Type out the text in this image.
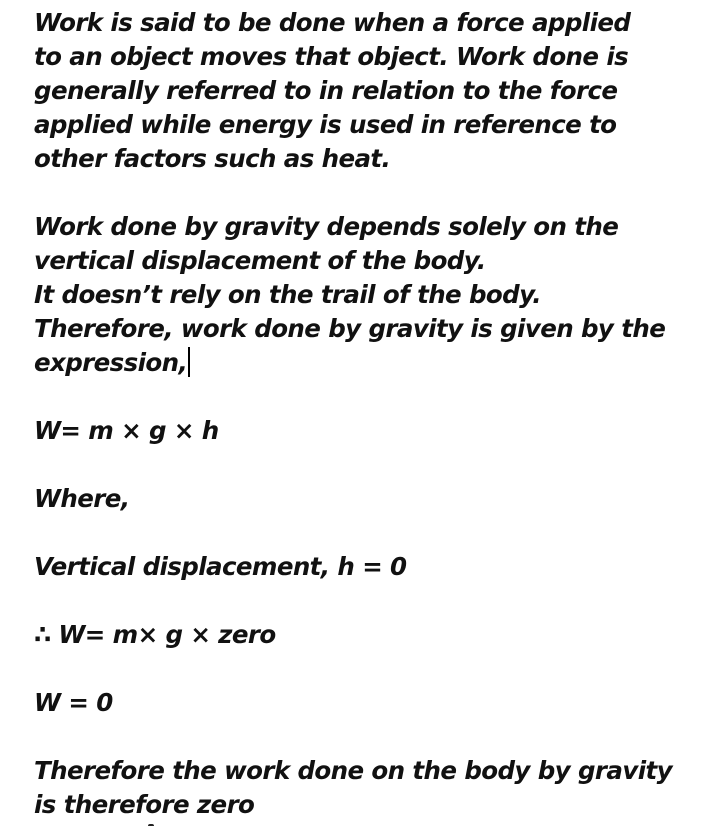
Work is said to be done when a force applied
to an object moves that object. Work done is
generally referred to in relation to the force
applied while energy is used in reference to
other factors such as heat.
Work done by gravity depends solely on the
vertical displacement of the body.
It doesn’t rely on the trail of the body.
Therefore, work done by gravity is given by the
expression,
W= m × g × h
Where,
Vertical displacement, h = 0
∴ W= m× g × zero
W = 0
Therefore the work done on the body by gravity
is therefore zero
